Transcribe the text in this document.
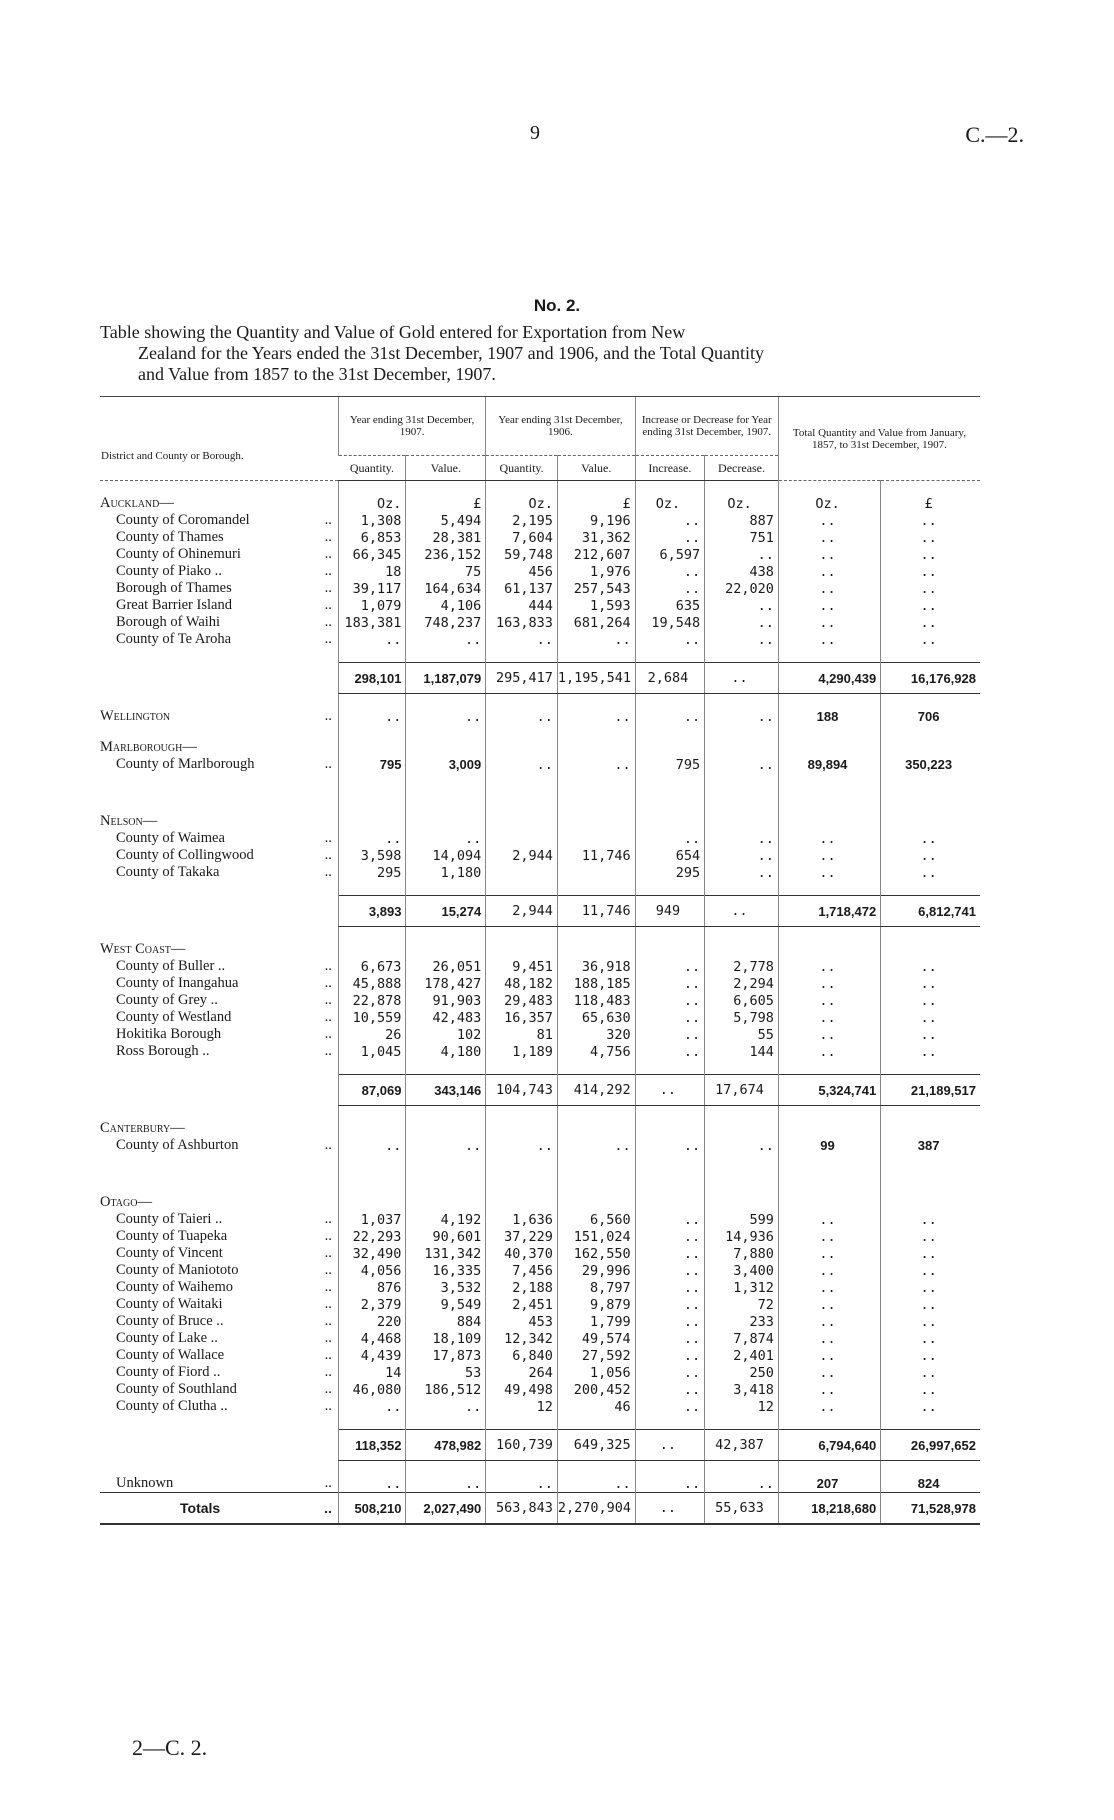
9	C.—2.
No. 2.
Table showing the Quantity and Value of Gold entered for Exportation from New

Zealand for the Years ended the 31st December, 1907 and 1906, and the Total Quantity
and Value from 1857 to the 31st December, 1907.
District and County or Borough.	Year ending 31st December, 1907.		Year ending 31st December, 1906.		Increase or Decrease for Year ending 31st December, 1907.		Total Quantity and Value from January, 1857, to 31st December, 1907.	
	Quantity.	Value.	Quantity.	Value.	Increase.	Decrease.		

Auckland—	Oz.	£	Oz.	£	Oz.	Oz.	Oz.	£
County of Coromandel ..	1,308	5,494	2,195	9,196	..	887	..	..
County of Thames ..	6,853	28,381	7,604	31,362	..	751	..	..
County of Ohinemuri ..	66,345	236,152	59,748	212,607	6,597	..	..	..
County of Piako .. ..	18	75	456	1,976	..	438	..	..
Borough of Thames ..	39,117	164,634	61,137	257,543	..	22,020	..	..
Great Barrier Island ..	1,079	4,106	444	1,593	635	..	..	..
Borough of Waihi ..	183,381	748,237	163,833	681,264	19,548	..	..	..
County of Te Aroha ..	..	..	..	..	..	..	..	..

	298,101	1,187,079	295,417	1,195,541	2,684	..	4,290,439	16,176,928

Wellington ..	..	..	..	..	..	..	188	706

Marlborough—								
County of Marlborough ..	795	3,009	..	..	795	..	89,894	350,223

Nelson—								
County of Waimea ..	..	..			..	..	..	..
County of Collingwood ..	3,598	14,094	2,944	11,746	654	..	..	..
County of Takaka ..	295	1,180			295	..	..	..

	3,893	15,274	2,944	11,746	949	..	1,718,472	6,812,741

West Coast—								
County of Buller .. ..	6,673	26,051	9,451	36,918	..	2,778	..	..
County of Inangahua ..	45,888	178,427	48,182	188,185	..	2,294	..	..
County of Grey .. ..	22,878	91,903	29,483	118,483	..	6,605	..	..
County of Westland ..	10,559	42,483	16,357	65,630	..	5,798	..	..
Hokitika Borough ..	26	102	81	320	..	55	..	..
Ross Borough .. ..	1,045	4,180	1,189	4,756	..	144	..	..

	87,069	343,146	104,743	414,292	..	17,674	5,324,741	21,189,517

Canterbury—								
County of Ashburton ..	..	..	..	..	..	..	99	387

Otago—								
County of Taieri .. ..	1,037	4,192	1,636	6,560	..	599	..	..
County of Tuapeka ..	22,293	90,601	37,229	151,024	..	14,936	..	..
County of Vincent ..	32,490	131,342	40,370	162,550	..	7,880	..	..
County of Maniototo ..	4,056	16,335	7,456	29,996	..	3,400	..	..
County of Waihemo ..	876	3,532	2,188	8,797	..	1,312	..	..
County of Waitaki ..	2,379	9,549	2,451	9,879	..	72	..	..
County of Bruce .. ..	220	884	453	1,799	..	233	..	..
County of Lake .. ..	4,468	18,109	12,342	49,574	..	7,874	..	..
County of Wallace ..	4,439	17,873	6,840	27,592	..	2,401	..	..
County of Fiord .. ..	14	53	264	1,056	..	250	..	..
County of Southland ..	46,080	186,512	49,498	200,452	..	3,418	..	..
County of Clutha .. ..	..	..	12	46	..	12	..	..

	118,352	478,982	160,739	649,325	..	42,387	6,794,640	26,997,652

Unknown ..	..	..	..	..	..	..	207	824
Totals ..	508,210	2,027,490	563,843	2,270,904	..	55,633	18,218,680	71,528,978
2—C. 2.
